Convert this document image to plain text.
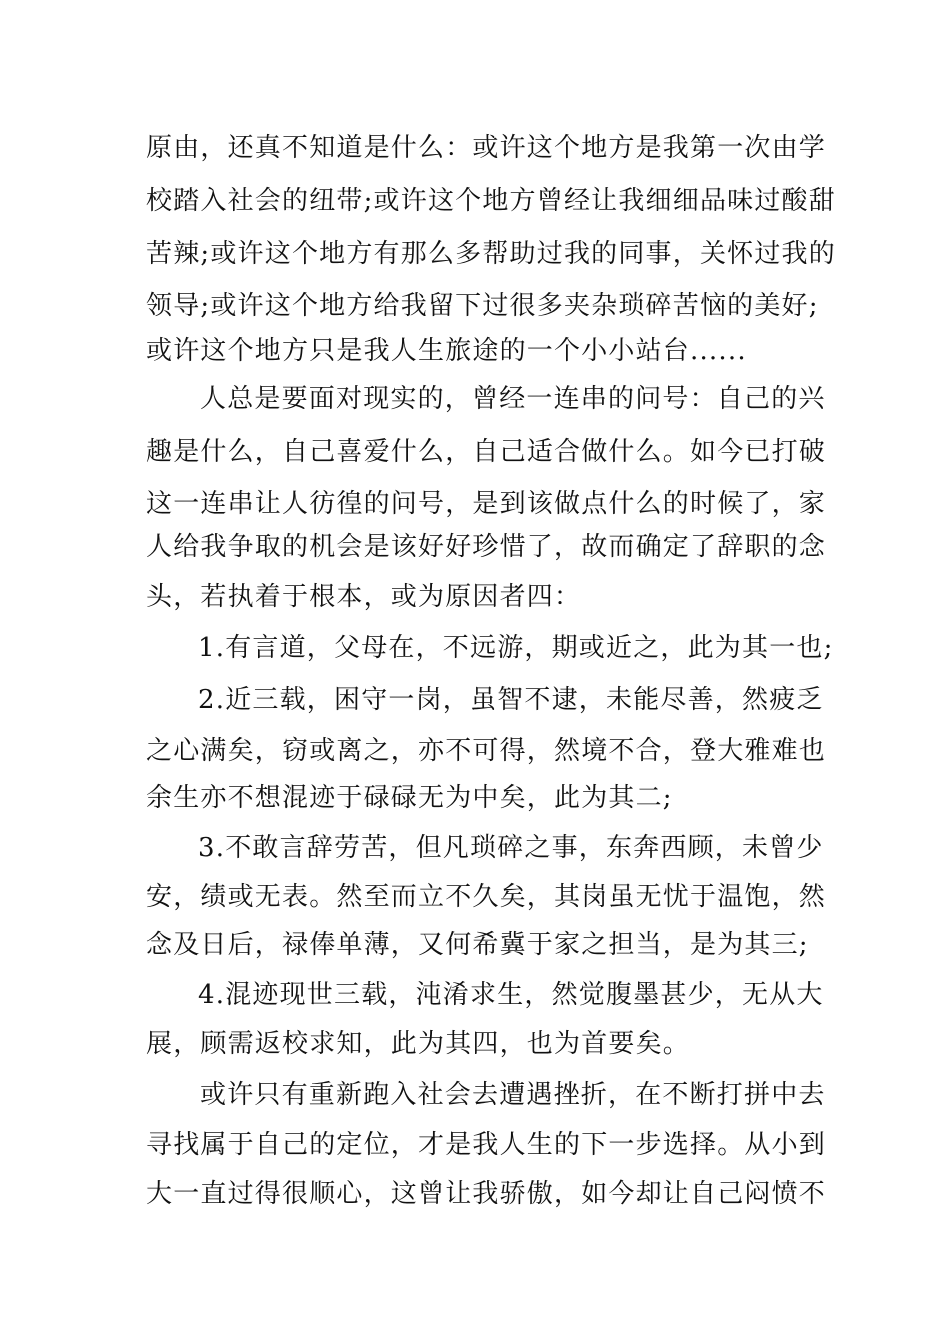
原由，还真不知道是什么：或许这个地方是我第一次由学
校踏入社会的纽带;或许这个地方曾经让我细细品味过酸甜
苦辣;或许这个地方有那么多帮助过我的同事，关怀过我的
领导;或许这个地方给我留下过很多夹杂琐碎苦恼的美好;
或许这个地方只是我人生旅途的一个小小站台......
人总是要面对现实的，曾经一连串的问号：自己的兴
趣是什么，自己喜爱什么，自己适合做什么。如今已打破
这一连串让人彷徨的问号，是到该做点什么的时候了，家
人给我争取的机会是该好好珍惜了，故而确定了辞职的念
头，若执着于根本，或为原因者四：
1.有言道，父母在，不远游，期或近之，此为其一也;
2.近三载，困守一岗，虽智不逮，未能尽善，然疲乏
之心满矣，窃或离之，亦不可得，然境不合，登大雅难也
余生亦不想混迹于碌碌无为中矣，此为其二;
3.不敢言辞劳苦，但凡琐碎之事，东奔西顾，未曾少
安，绩或无表。然至而立不久矣，其岗虽无忧于温饱，然
念及日后，禄俸单薄，又何希冀于家之担当，是为其三;
4.混迹现世三载，沌淆求生，然觉腹墨甚少，无从大
展，顾需返校求知，此为其四，也为首要矣。
或许只有重新跑入社会去遭遇挫折，在不断打拼中去
寻找属于自己的定位，才是我人生的下一步选择。从小到
大一直过得很顺心，这曾让我骄傲，如今却让自己闷愤不
